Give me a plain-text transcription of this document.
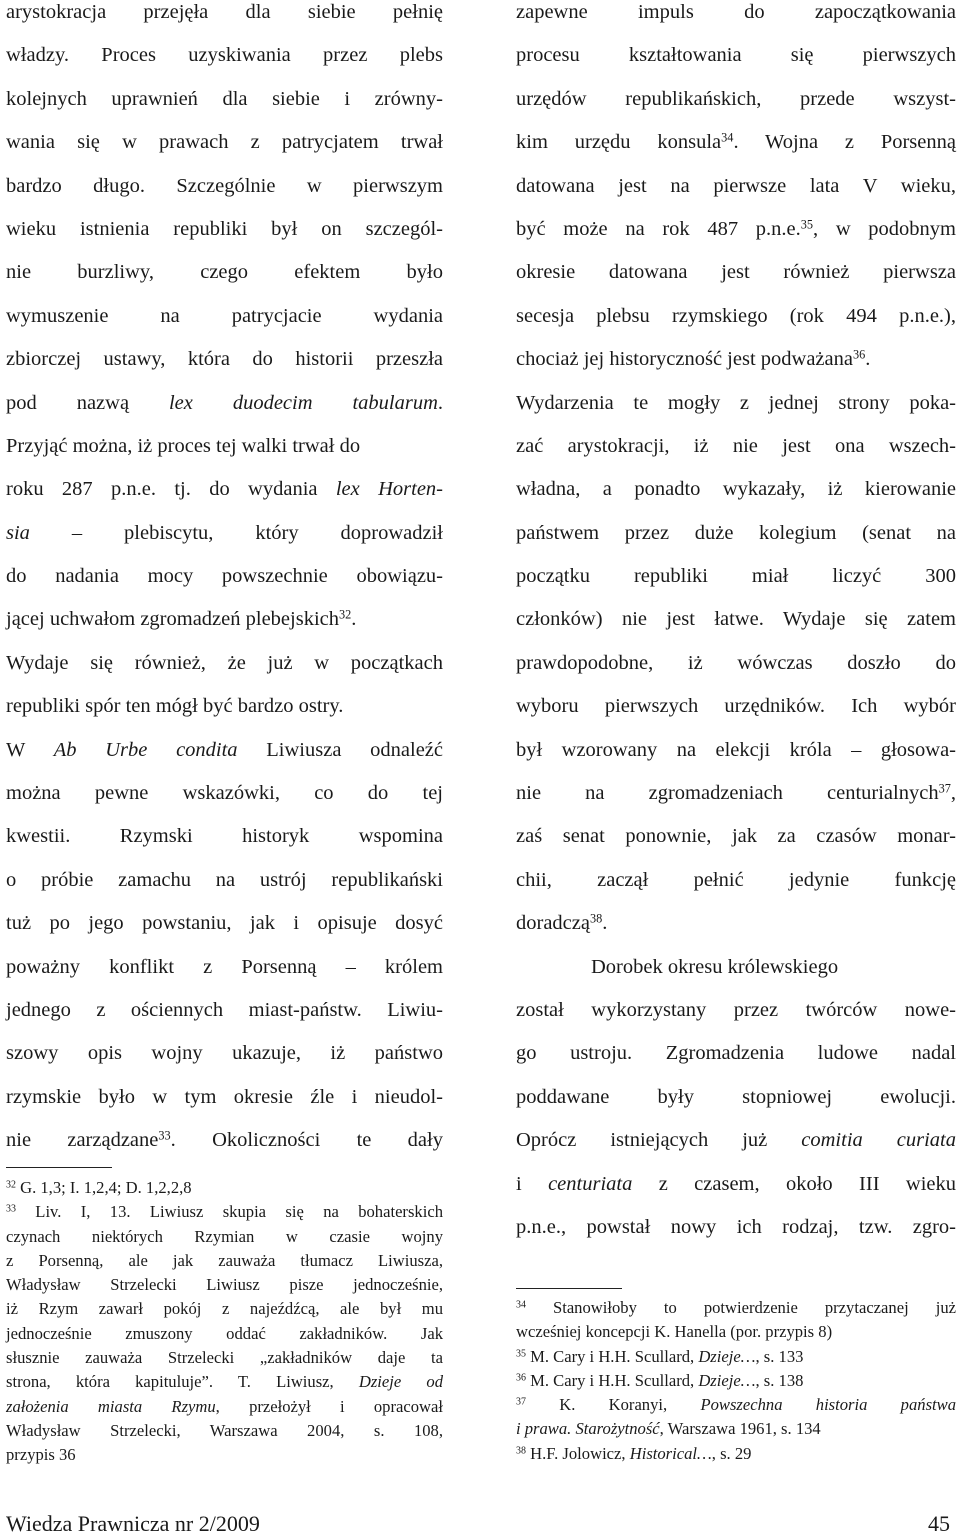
arystokracja przejęła dla siebie pełnię
władzy. Proces uzyskiwania przez plebs
kolejnych uprawnień dla siebie i zrówny-
wania się w prawach z patrycjatem trwał
bardzo długo. Szczególnie w pierwszym
wieku istnienia republiki był on szczegól-
nie burzliwy, czego efektem było
wymuszenie na patrycjacie wydania
zbiorczej ustawy, która do historii przeszła
pod nazwą lex duodecim tabularum.
Przyjąć można, iż proces tej walki trwał do
roku 287 p.n.e. tj. do wydania lex Horten-
sia – plebiscytu, który doprowadził
do nadania mocy powszechnie obowiązu-
jącej uchwałom zgromadzeń plebejskich$^{32}$.
Wydaje się również, że już w początkach
republiki spór ten mógł być bardzo ostry.
W Ab Urbe condita Liwiusza odnaleźć
można pewne wskazówki, co do tej
kwestii. Rzymski historyk wspomina
o próbie zamachu na ustrój republikański
tuż po jego powstaniu, jak i opisuje dosyć
poważny konflikt z Porsenną – królem
jednego z ościennych miast-państw. Liwiu-
szowy opis wojny ukazuje, iż państwo
rzymskie było w tym okresie źle i nieudol-
nie zarządzane$^{33}$. Okoliczności te dały
$^{32}$ G. 1,3; I. 1,2,4; D. 1,2,2,8
$^{33}$ Liv. I, 13. Liwiusz skupia się na bohaterskich
czynach niektórych Rzymian w czasie wojny
z Porsenną, ale jak zauważa tłumacz Liwiusza,
Władysław Strzelecki Liwiusz pisze jednocześnie,
iż Rzym zawarł pokój z najeźdźcą, ale był mu
jednocześnie zmuszony oddać zakładników. Jak
słusznie zauważa Strzelecki „zakładników daje ta
strona, która kapituluje”. T. Liwiusz, Dzieje od
założenia miasta Rzymu, przełożył i opracował
Władysław Strzelecki, Warszawa 2004, s. 108,
przypis 36
zapewne impuls do zapoczątkowania
procesu kształtowania się pierwszych
urzędów republikańskich, przede wszyst-
kim urzędu konsula$^{34}$. Wojna z Porsenną
datowana jest na pierwsze lata V wieku,
być może na rok 487 p.n.e.$^{35}$, w podobnym
okresie datowana jest również pierwsza
secesja plebsu rzymskiego (rok 494 p.n.e.),
chociaż jej historyczność jest podważana$^{36}$.
Wydarzenia te mogły z jednej strony poka-
zać arystokracji, iż nie jest ona wszech-
władna, a ponadto wykazały, iż kierowanie
państwem przez duże kolegium (senat na
początku republiki miał liczyć 300
członków) nie jest łatwe. Wydaje się zatem
prawdopodobne, iż wówczas doszło do
wyboru pierwszych urzędników. Ich wybór
był wzorowany na elekcji króla – głosowa-
nie na zgromadzeniach centurialnych$^{37}$,
zaś senat ponownie, jak za czasów monar-
chii, zaczął pełnić jedynie funkcję
doradczą$^{38}$.
Dorobek okresu królewskiego
został wykorzystany przez twórców nowe-
go ustroju. Zgromadzenia ludowe nadal
poddawane były stopniowej ewolucji.
Oprócz istniejących już comitia curiata
i centuriata z czasem, około III wieku
p.n.e., powstał nowy ich rodzaj, tzw. zgro-
$^{34}$ Stanowiłoby to potwierdzenie przytaczanej już
wcześniej koncepcji K. Hanella (por. przypis 8)
$^{35}$ M. Cary i H.H. Scullard, Dzieje…, s. 133
$^{36}$ M. Cary i H.H. Scullard, Dzieje…, s. 138
$^{37}$ K. Koranyi, Powszechna historia państwa
i prawa. Starożytność, Warszawa 1961, s. 134
$^{38}$ H.F. Jolowicz, Historical…, s. 29
Wiedza Prawnicza nr 2/2009	45
